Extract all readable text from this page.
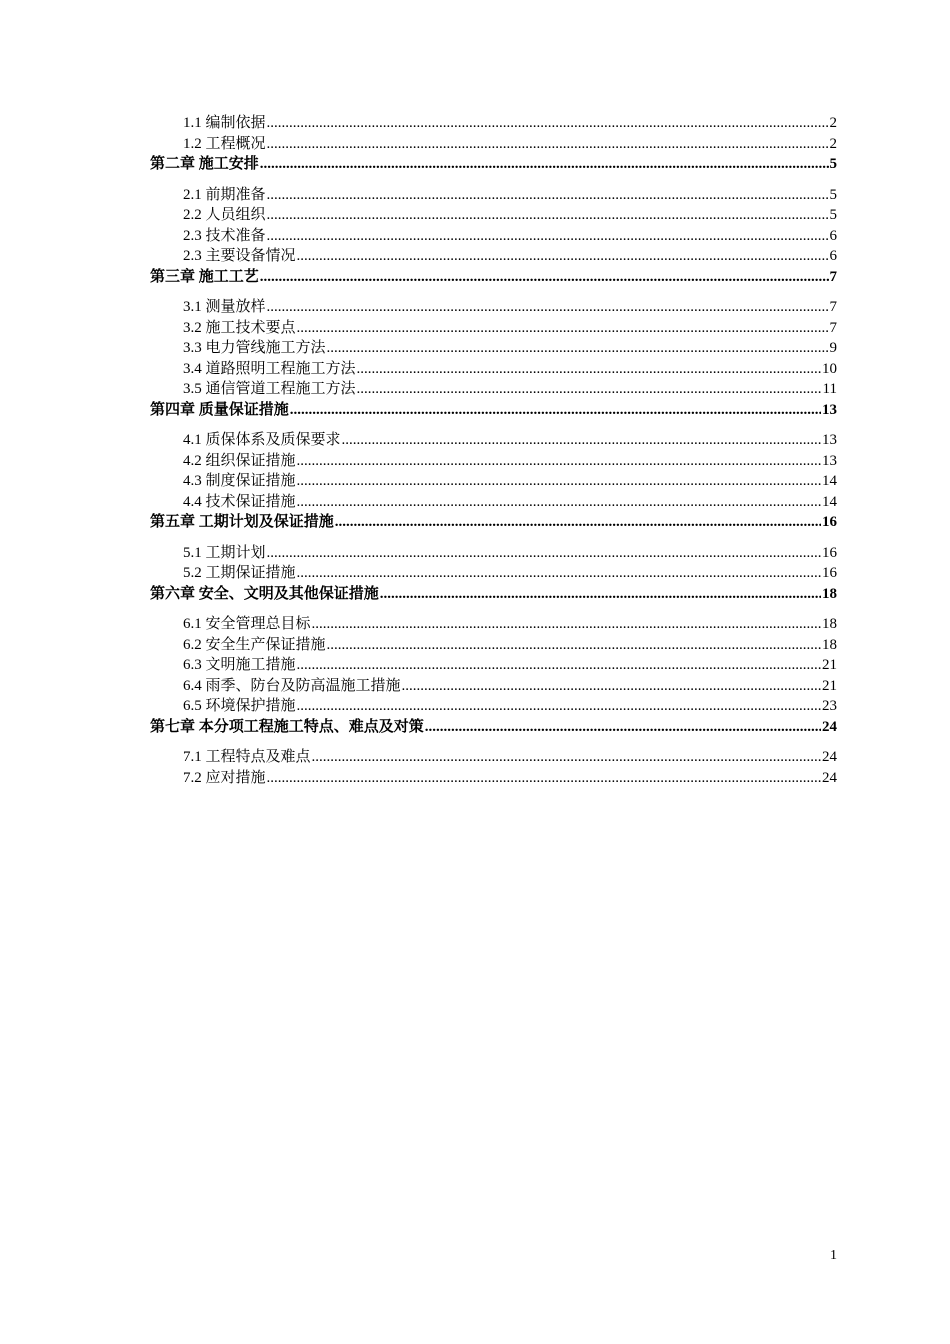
1.1 编制依据 .....	2
1.2 工程概况 .....	2
第二章 施工安排 .....	5
2.1 前期准备 .....	5
2.2 人员组织 .....	5
2.3 技术准备 .....	6
2.3 主要设备情况 .....	6
第三章 施工工艺 .....	7
3.1 测量放样 .....	7
3.2 施工技术要点 .....	7
3.3 电力管线施工方法 .....	9
3.4 道路照明工程施工方法 .....	10
3.5 通信管道工程施工方法 .....	11
第四章 质量保证措施 .....	13
4.1 质保体系及质保要求 .....	13
4.2 组织保证措施 .....	13
4.3 制度保证措施 .....	14
4.4 技术保证措施 .....	14
第五章 工期计划及保证措施 .....	16
5.1 工期计划 .....	16
5.2 工期保证措施 .....	16
第六章 安全、文明及其他保证措施 .....	18
6.1 安全管理总目标 .....	18
6.2 安全生产保证措施 .....	18
6.3 文明施工措施 .....	21
6.4 雨季、防台及防高温施工措施 .....	21
6.5 环境保护措施 .....	23
第七章 本分项工程施工特点、难点及对策 .....	24
7.1 工程特点及难点 .....	24
7.2 应对措施 .....	24
1
